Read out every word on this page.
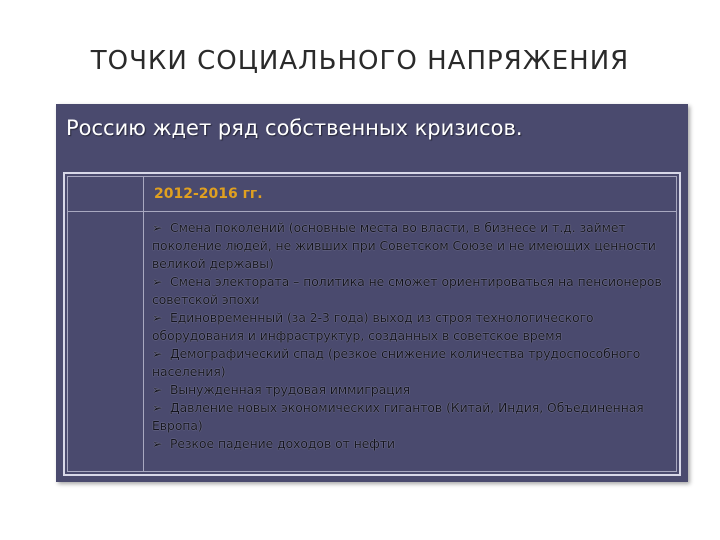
ТОЧКИ СОЦИАЛЬНОГО НАПРЯЖЕНИЯ
Россию ждет ряд собственных кризисов.
2012-2016 гг.
➢ Смена поколений (основные места во власти, в бизнесе и т.д. займет поколение людей, не живших при Советском Союзе и не имеющих ценности великой державы)
➢ Смена электората – политика не сможет ориентироваться на пенсионеров советской эпохи
➢ Единовременный (за 2-3 года) выход из строя технологического оборудования и инфраструктур, созданных в советское время
➢ Демографический спад (резкое снижение количества трудоспособного населения)
➢ Вынужденная трудовая иммиграция
➢ Давление новых экономических гигантов (Китай, Индия, Объединенная Европа)
➢ Резкое падение доходов от нефти
